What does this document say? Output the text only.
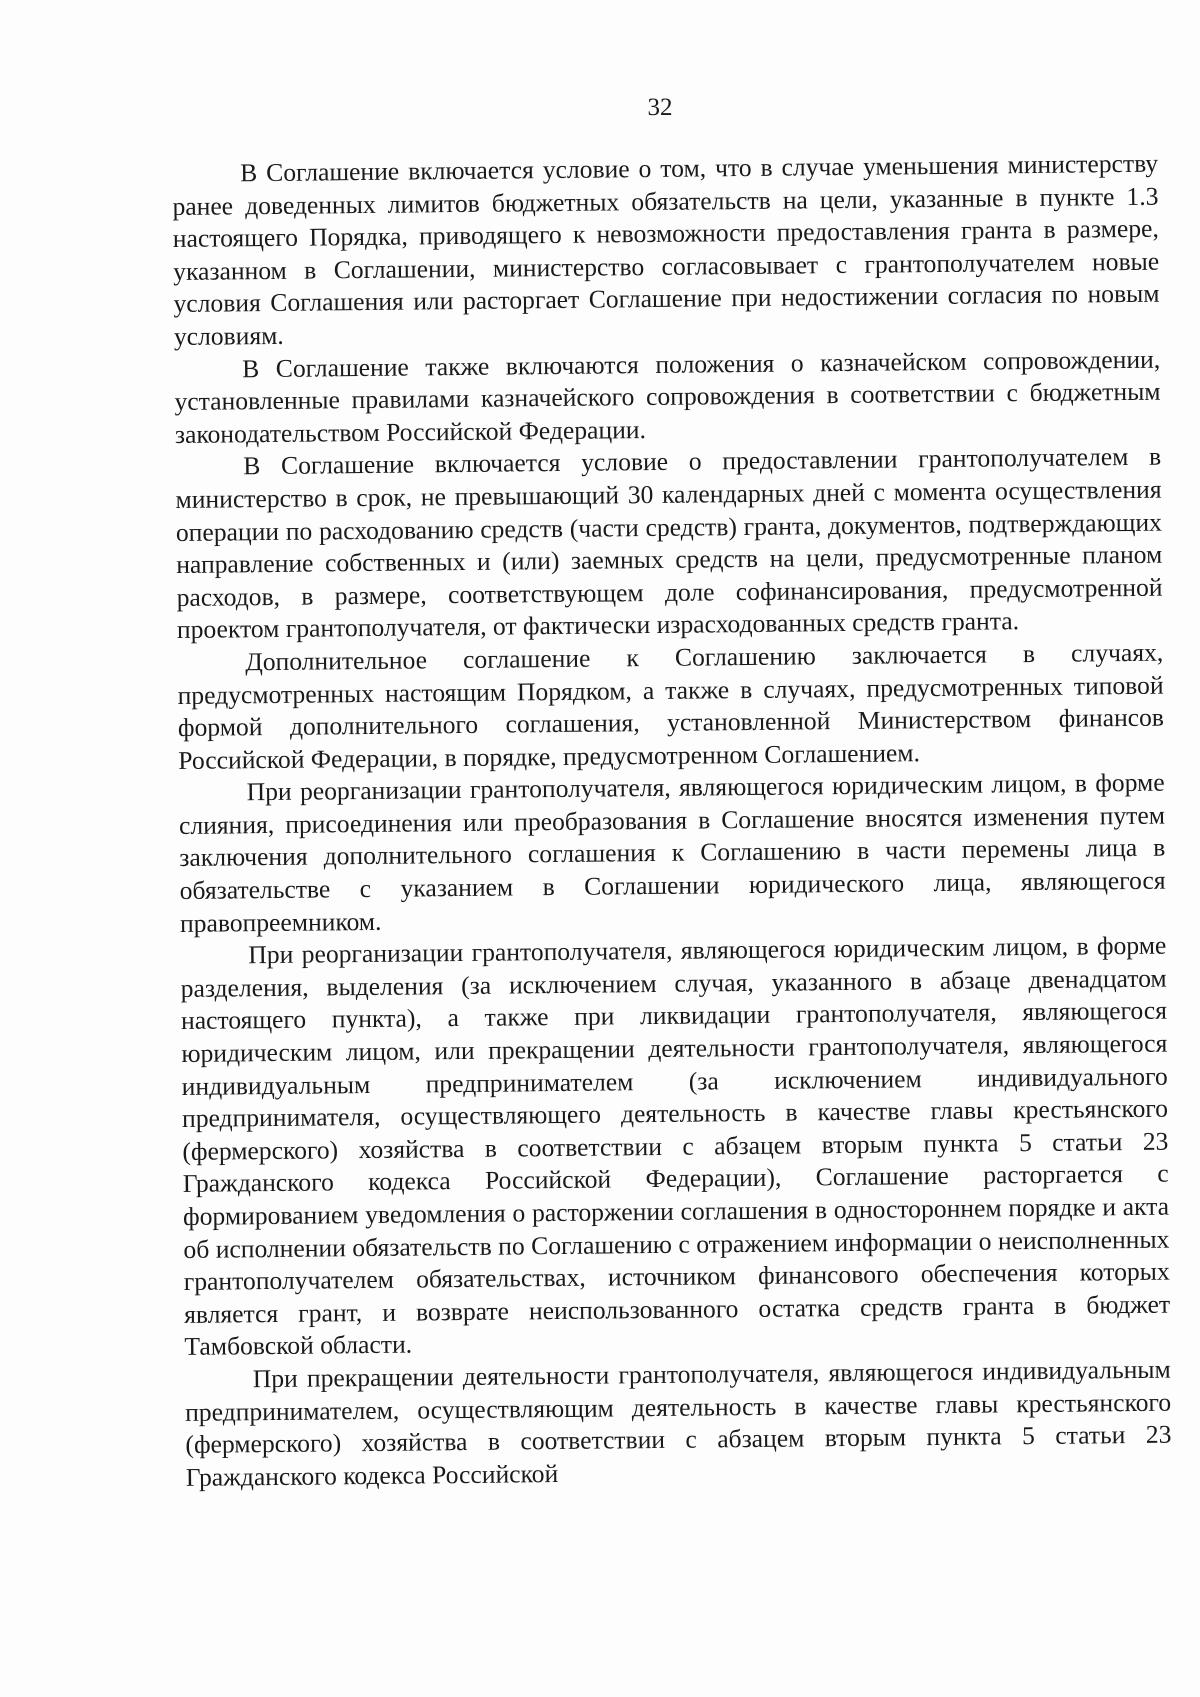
32

В Соглашение включается условие о том, что в случае уменьшения министерству ранее доведенных лимитов бюджетных обязательств на цели, указанные в пункте 1.3 настоящего Порядка, приводящего к невозможности предоставления гранта в размере, указанном в Соглашении, министерство согласовывает с грантополучателем новые условия Соглашения или расторгает Соглашение при недостижении согласия по новым условиям.

В Соглашение также включаются положения о казначейском сопровождении, установленные правилами казначейского сопровождения в соответствии с бюджетным законодательством Российской Федерации.

В Соглашение включается условие о предоставлении грантополучателем в министерство в срок, не превышающий 30 календарных дней с момента осуществления операции по расходованию средств (части средств) гранта, документов, подтверждающих направление собственных и (или) заемных средств на цели, предусмотренные планом расходов, в размере, соответствующем доле софинансирования, предусмотренной проектом грантополучателя, от фактически израсходованных средств гранта.

Дополнительное соглашение к Соглашению заключается в случаях, предусмотренных настоящим Порядком, а также в случаях, предусмотренных типовой формой дополнительного соглашения, установленной Министерством финансов Российской Федерации, в порядке, предусмотренном Соглашением.

При реорганизации грантополучателя, являющегося юридическим лицом, в форме слияния, присоединения или преобразования в Соглашение вносятся изменения путем заключения дополнительного соглашения к Соглашению в части перемены лица в обязательстве с указанием в Соглашении юридического лица, являющегося правопреемником.

При реорганизации грантополучателя, являющегося юридическим лицом, в форме разделения, выделения (за исключением случая, указанного в абзаце двенадцатом настоящего пункта), а также при ликвидации грантополучателя, являющегося юридическим лицом, или прекращении деятельности грантополучателя, являющегося индивидуальным предпринимателем (за исключением индивидуального предпринимателя, осуществляющего деятельность в качестве главы крестьянского (фермерского) хозяйства в соответствии с абзацем вторым пункта 5 статьи 23 Гражданского кодекса Российской Федерации), Соглашение расторгается с формированием уведомления о расторжении соглашения в одностороннем порядке и акта об исполнении обязательств по Соглашению с отражением информации о неисполненных грантополучателем обязательствах, источником финансового обеспечения которых является грант, и возврате неиспользованного остатка средств гранта в бюджет Тамбовской области.

При прекращении деятельности грантополучателя, являющегося индивидуальным предпринимателем, осуществляющим деятельность в качестве главы крестьянского (фермерского) хозяйства в соответствии с абзацем вторым пункта 5 статьи 23 Гражданского кодекса Российской
